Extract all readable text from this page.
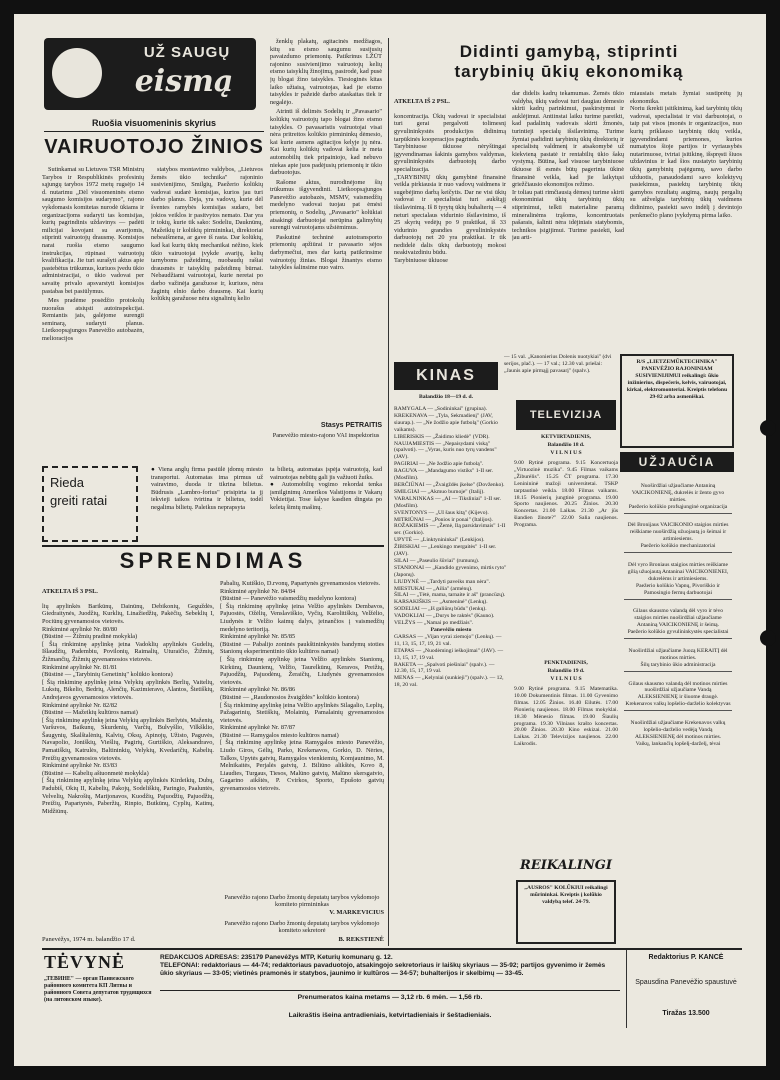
UŽ SAUGŲ
eismą
Ruošia visuomeninis skyrius
VAIRUOTOJO ŽINIOS

Sutinkamai su Lietuvos TSR Ministrų Tarybos ir Respublikinės profesinių sąjungų tarybos 1972 metų rugsėjo 14 d. nutarimu „Dėl visuomeninės eismo saugumo komisijos sudarymo", rajono vykdomasis komitetas nurodė ūkiams ir organizacijoms sudaryti tas komisijas, kurių pagrindinis uždavinys — padėti milicijai kovojant su avarijomis, stiprinti vairuotojų drausmę. Komisijos narai ruošia eismo saugumo instrukcijas, rūpinasi vairuotojų kvalifikacija. Jie turi surašyti aktus apie pastebėtus trūkumus, kuriuos įvedu ūkio administracijai, o ūkio vadovai per savaitę privalo apsvarstyti komisijos pastabas bei pasiūlymus.

Mes pradėme posėdžio protokolų nuorašus atsiųsti autoinspekcijai. Remiantis jais, galėjome surengti seminarą, sudaryti planus. Lietkoopsąjungos Panevėžio autobazėn, melioracijos

statybos montavimo valdybos, „Lietuvos žemės ūkio technika" rajoninio susivienijimo, Smilgių, Paežerio kolūkių vadovai sudarė komisijas, kurios jau turi darbo planus. Deja, yra vadovų, kurie dėl šventes ramybės komisijas sudaro, bet jokios veiklos ir pasitvytos nemato. Dar yra ir tokių, kurie tik sako: Sodeliu, Dauknūnų, Mažeikių ir kolūkių pirmininkai, direktoriai nebeaišmena, ar gave iš rasta. Dar kolūkių, kad kai kurių ūkių mechanikai nėžino, kiek ūkio vairuotojai įvykde avarijų, kelių tarnyboms pažeidimų, nuobaudų rašiai drausmės ir taisyklių pažeidimų būrnai. Nebaudžiami vairuotojai, kurie neretai po darbo važinėja garažuose ir, kuriuos, nėra žagintų elnio darbo drausmę. Kai kurių kolūkių garažuose nėra signalinių kelio

ženklų plakatų, agitacinės medžiagos, kitų su eismo saugumu susijusių pavaizdumo priemonių. Patikrinus LŽŪT rajonino susivienijimo vairuotojų kelių eismo taisyklių žinojimą, pasirodė, kad pusė jų blogai žino taisykles. Tiesioginės kitas laiko užtaisą, vairuotojas, kad jie eismo taisykles ir pažeidė darbo ataskaitas tiek ir negalėjo.

Atrinti iš delimės Sodelių ir „Pavasario" kolūkių vairuotojų tapo blogai žino eismo taisykles. O pavasaristis vairuotojai visai nėra pritreitos kolūkio pirmininkų dėmesio, kai kurie asmens agitacijos kelyje jų nėra. Kai kurių kolūkių vadovai kelia ir meta automobilių tiek pripainiojo, kad nebuvo niekas apie juos padėjusių priemonių ir ūkio darbuotojus.

Rašome aktus, nurodinėjome šių trūkumus išgyvendinti. Lietkoopsąjungos Panevėžio autobazės, MSMV, vaismedžių medelyno vadovai tuojau pat ėmėsi priemonių, o Sodelių, „Pavasario" kolūkiai atsakingi darbuotojai nerūpina galimybių surengti vairuotojams užsiėmimus.

Paskutinė techninė autotransporto priemonių apžiūrai ir pavasario sėjos darbymečiui, mes dar kartą patikrinsime vairuotojų žinias. Blogai žinantys eismo taisykles šalinsime nuo vairo.

Stasys PETRAITIS
Panevėžio miesto-rajono VAI inspektorius
Rieda greiti ratai
● Viena anglų firma pasiūlė įdomų miesto transportui. Automatas ima pirmus už vairavimo, duoda ir tikrina bilietus. Būdrusis „Lambro-forius" prisipirta ta jį iekvieji taikos tvirtina ir bilietus, todėl negalima bilietų. Paleikus neprapsyta
ta bilietą, automatas įspėja vairuotoją, kad vairuotojas nebūtų gali jis važiuoti žuiks.
● Automobilių vogimo rekordai tenka įsmilginimų Amerikos Valstijoms ir Vakarų Vokietijai. Tose šalyse kasdien dingsta po keletą šimtų mašinų.
SPRENDIMAS

ATKELTA IŠ 3 PSL.

lių apylinkės Barikūnų, Dainūnų, Debikonių, Geguždės, Giedraitynės, Juodžių, Kurklių, Linažiedžių, Pakėčių, Sebeklių I, Pociūnų gyvenamosios vietovės.
Rinkiminė apylinkė Nr. 80/80
(Būstinė — Žižmių pradinė mokykla)
[ Šią rinkiminę apylinkę įeina Vadoklių apylinkės Gudelių, Išlaudžių, Padembiu, Povilonių, Raimalių, Uturaičio, Žižmių, Žižmančių, Žižmių gyvenamosios vietovės.
Rinkiminė apylinkė Nr. 81/81
(Būstinė — „Tarybinių Genetinių" kolūkio kontora)
[ Šią rinkiminę apylinkę įeina Velykių apylinkės Berlių, Vaitelių, Lukstų, Bikelio, Bedrių, Alenčių, Kazimieravo, Alantos, Štetiškių, Andrejavos gyvenamosios vietovės.
Rinkiminė apylinkė Nr. 82/82
(Būstinė — Mažeikių kultūros namai)
[ Šią rinkiminę apylinkę įeina Velykių apylinkės Berlytės, Maženių, Varšuvos, Baikunų, Skurdenių, Varčių, Bulvyšlio, Vilkšklio, Šaugynių, Skalštalėnių, Kalvių, Oksų, Apinojų, Užisto, Paguvės, Navapolio, Joniškių, Viešlių, Pagirių, Gurtiškio, Aleksandravo, Pamatiškių, Katrulės, Baltininkių, Velykių, Kvedaričių, Kabelių. Preižių gyvenamosios vietovės.
Rinkiminė apylinkė Nr. 83/83
(Būstinė — Kabelių aštuonmetė mokykla)
[ Šią rinkiminę apylinkę įeina Velykių apylinkės Kirdeikių, Dubų, Padubiš, Okių II, Kabelių, Pakojų, Sodeliškių, Paringio, Paaluntės, Velvelių, Nakrošių, Marijonavos, Kuodžių, Pajuodžių, Pajuodžių, Preižių, Papartynės, Paberžių, Rinpio, Butkūnų, Cyplių, Katinų, Midžiūnų.

Pabalių, Kutiškio, D.rvonų, Papartynės gyvenamosios vietovės.
Rinkiminė apylinkė Nr. 84/84
(Būstinė — Panevėžio vaismedžių medelyno kontora)
[ Šią rinkiminę apylinkę įeina Velžio apylinkės Dembavos, Pajuostės, Ožėlių, Venslaviškio, Vyčių, Karolitiškių, Velžėlio, Liudynės ir Velžio kaimų dalys, įeinančios į vaismedžių medelyno teritoriją.
Rinkiminė apylinkė Nr. 85/85
(Būstinė — Pabalijo zoninės paukštininkystės bandymų stoties Stanionų eksperimentinio ūkio kultūros namai)
[ Šią rinkiminę apylinkę įeina Velžio apylinkės Stanionų, Kirkūnų, Daunienų, Velžio, Taurelkūnų, Keravos, Preižių, Pajuodžių, Pajuodėnų, Žeraičių, Liudynės gyvenamosios vietovės.
Rinkiminė apylinkė Nr. 86/86
(Būstinė — „Raudonosios žvaigždės" kolūkio kontora)
[ Šią rinkiminę apylinkę įeina Velžio apylinkės Silagalio, Leplių, Pažagarinių, Stetiškių, Molainių, Pamalainių gyvenamosios vietovės.
Rinkiminė apylinkė Nr. 87/87
(Būstinė — Ramygalos miesto kultūros namai)
[ Šią rinkiminę apylinkę įeina Ramygalos miesto Panevėžio, Liudo Giros, Gėlių, Parko, Krekenavos, Gorkio, D. Nėries, Talkos, Upytės gatvių, Ramygalos vienkiemių, Komjaunimo, M. Melnikaitės, Perjalės gatvių, J. Biliūno alikštės, Kovo 8, Liaudies, Turgaus, Tiesos, Malūno gatvių, Malūno skersgatvio, Gagarino aikštės, P. Cvirkos, Sporto, Epušoto gatvių gyvenamosios vietovės.
Panevėžio rajono Darbo žmonių deputatų tarybos vykdomojo komiteto pirmininkas
V. MARKEVICIUS
Panevėžio rajono Darbo žmonių deputatų tarybos vykdomojo komiteto sekretorė
Panevėžys, 1974 m. balandžio 17 d.	B. REKSTIENĖ
Didinti gamybą, stiprinti
tarybinių ūkių ekonomiką

ATKELTA IŠ 2 PSL.

koncentracija. Ūkių vadovai ir specialistai turi gerai pergalvoti tolimesnį gyvulininkystės produkcijos didinimą tarpūkinės kooperacijos pagrindu.
Tarybiniuose ūkiuose nėryštingai įgyvendinamas šakinis gamybos valdymas, gyvulininkystės darbuotojų darbo specializacija.
„TARYBINIŲ ūkių gamybinė finansinė veikla pirkiausia ir nuo vadovų vaidmens ir sugebėjimo darbą keičytis. Dar ne visi ūkių vadovai ir specialistai turi aukštąjį išsilavinimą. Iš 8 tyrytų ūkių buhalterių — 4 neturi specialaus vidurinio išsilavinimo, iš 25 skyrių vedėjų po 9 praktikai, iš 33 vidurinio grandies gyvulininkystės darbuotojų net 20 yra praktikai. Ir tik nedidelė dalis ūkių darbuotojų mokosi neakivaizdiniu būdu.
Tarybiniuose ūkiuose

dar didelis kadrų tekamumas. Žemės ūkio valdyba, ūkių vadovai turi daugiau dėmesio skirti kadrų parinkimui, paskirstymui ir auklėjimui. Antiinstai laiku turime pareikti, kad padalinių vadovais skirti žmonės, turintieji specialų išsilavinimą. Turime žymiai padidinti tarybinių ūkių direktorių ir specialistų valdmenį ir atsakomybė už kiekvieną pastatė ir rentabilių ūkio šakų vystymą. Būtina, kad visuose tarybiniuose ūkiuose iš esmės būtų pagerinta ūkinė finansinė veikla, kad jie laikytųsi griežčiausio ekonomijos režimo.
Ir toliau pati rimčiausią dėmesį turime skirti ekonominiai ūkių tarybinių ūkių stiprinimui, telkti materialine paramą mineralinėms trąšoms, koncentruotais pašarais, šalinti nėra idėjiniais statybomis, technikos įsigijimui. Turime pasiekti, kad jau arti-
miausiais metais žymiai sustiprėtų jų ekonomika.
Noriu ikrekti įsitikinimą, kad tarybinių ūkių vadovai, specialistai ir visi darbuotojai, o taip pat visos įmonės ir organizacijos, nuo kurių priklauso tarybinių ūkių veikla, įgyvendindami priemones, kurios numatytos šioje partijos ir vyriausybės nutarimuose, tvirtai įsitikinę, išspręsti šiuos uždavinius ir kad šios nustatyto tarybinių ūkių gamybinių pajėgumų, savo darbo užduotis, panaudodami savo kolektyvų pasiekimus, pasiektų tarybinių ūkių gamybos rezultatų augimą, naujų pergalių su atžvelgia tarybinių ūkių vaidmens didinimo, pasiekti savo indėlį į devintojo penkmečio plano įvykdymą pirma laiko.
KINAS
Balandžio 18—19 d. d.
— 15 val. „Kanonierius Dolenis nuotykiai" (dvi serijos, plač.). — 17 val.; 12.30 val. priešai: „Jaunis apie pirmąjį pavasarį" (spalv.).
RAMYGALA — „Sodininkai" (grupina).
KREKENAVA — „Tyla, Sekmadienį" (JAV, siaurap.). — „Ne žodžio apie futbolą" (Gorkio vaikams).
LIBERISKIS — „Žaidimo kliedė" (VDR).
NAUJAMIESTIS — „Nepaisydami viską" (spalvoti). — „Vyras, kuris nuo tyrų vandens" (JAV).
PAGIRIAI — „Ne žodžio apie futbolą".
RAGUVA — „Mandagumo vistiks" 1-II ser. (Mosfilm).
BERČIŪNAI — „Žvaigždės įkelse" (Dovženko).
SMILGIAI — „Akmuo burnoje" (Italij).
VABALNINKAS — „AI — Tiksliniai" 1-II ser. (Mosfilm).
SVENTONYS — „UI šaus kitą" (Kijevo).
MITRIŪNAI — „Ponios ir ponai" (Italijos).
ROŽAKIEMIS — „Žemė, Ilą parsidavimais" 1-II ser. (Gorkio).
UPYTĖ — „Linktynininkai" (Lenkijos).
ŽIBISKIAI — „Lenkingo mergaitės" 1-II ser. (JAV).
SILAI — „Paseulio šūviai" (rumunų).
STANIONAI — „Kandido gyvenimo, mirtis ryto" (Japonų).
LIUDYNĖ — „Tardyti paveiks man nėra".
MIESTUKAI — „Ailia" (armėnų).
ŠILAI — „Tėtė, mama, tarnaite ir aš" (prancūzų).
KARSAKIŠKIS — „Asmeninė" (Lenkų).
SODELIAI — „Iš galiūnų būdu" (lenkų).
VADOKLIAI — „Durys be raktės" (Kauno).
VELŽYS — „Namai po medžiais".
Panevėžio miesto
GARSAS — „Vijan vyrai ziemojo" (Lenkų). — 11, 13, 15, 17, 19, 21 val.
ETAPAS — „Nuodėmingi ieškojimai" (JAV). — 13, 15, 17, 19 val.
RAKETA — „Spalvoti piešiniai" (spalv.). — 12.30, 15, 17, 19 val.
MENAS — „Kelyniai (sunkieji") (spalv.). — 12, 18, 20 val.
TELEVIZIJA
KETVIRTADIENIS,
Balandžio 18 d.
V I L N I U S
9.00 Rytinė programa. 9.15 Koncertuoja „Virtuozinė muzika". 9.45 Filmas vaikams „Žiburėlis". 15.25 ČT programa. 17.30 Leninininė mažoji universitetai. TSKP tarptautinė veikla. 18.00 Filmas vaikams. 18.15 Pionierių jungtinė programa. 19.00 Sporto naujienos. 20.25 Žinios. 20.30 Koncertas. 21.00 Laikas. 21.30 „Ar jūs šiandien žinote?" 22.00 Salia naujienos. Programa.
PENKTADIENIS,
Balandžio 19 d.
V I L N I U S
9.00 Rytinė programa. 9.15 Matematika. 10.00 Dokumentinis filmas. 11.00 Gyvenimo filmas. 12.05 Žinios. 16.40 Eilutės. 17.00 Pionierių naujienos. 18.00 Filmas mokyklai. 18.30 Mėnesio filmas. 19.00 Šiaulių programa. 19.30 Vilniaus krašto koncertas. 20.00 Žinios. 20.30 Kino eskizai. 21.00 Laikas. 21.30 Televizijos naujienos. 22.00 Laikrodis.
REIKALINGI
„AUSROS" KOLŪKIUI reikalingi mūrininkai. Kreiptis į kolūkio valdybą telef. 24-79.
R/S „LIETZEMŪKTECHNIKA" PANEVĖŽIO RAJONINIAM SUSIVIENIJIMUI reikalingi: ūkio inžinierius, dispečeris, kelvis, vairuotojai, kirkai, elektromonteriai. Kreiptis telefonu 29-82 arba asmeniškai.
UŽJAUČIA

Nuoširdžiai užjaučiame Antaniną VAICIKONIENĘ, dukrelės ir žento gyvo mirties.
Paežerio kolūkio profsąjunginė organizacija

Dėl Bronijaus VAICIKONIO staigios mirties reiškiame nuoširdžią užuojautą jo šeimai ir artimiesiems.
Paežerio kolūkio mechanizatoriai

Dėl vyro Broniaus staigios mirties reiškiame gilią užuojautą Antaninai VAICIKONIENEI, dukrelėms ir artimiesiems.
Paežerio kolūkio Vapnų, Pivoriškio ir Pamosingio fermų darbuotojai

Gilaus skausmo valandą dėl vyro ir tėvo staigios mirties nuoširdžiai užjaučiame Antaniną VAICIKONIENĘ ir šeimą.
Paežerio kolūkio gyvulininkystės specialistai

Nuoširdžiai užjaučiame Juozą KERAITĮ dėl motinos mirties.
Šilų tarybinio ūkio administracija

Gilaus skausmo valandą dėl motinos mirties nuoširdžiai užjaučiame Vandą ALEKSIENIENĘ ir šiuome draugė.
Krekenavos valkų lopšelio-darželio kolektyvas

Nuoširdžiai užjaučiame Krekenavos valkų lopšelio-darželio vedėją Vandą ALEKSIENIENĘ dėl motinos mirties.
Vaikų, lankančių lopšelį-darželį, tėvai

TĖVYNĖ
„ТЕВИНЕ" — орган Панвежского районного комитета КП Литвы и районного Совета депутатов трудящихся (на литовском языке).
REDAKCIJOS ADRESAS: 235179 Panevėžys MTP, Keturių komunarų g. 12.
TELEFONAI: redaktoriaus — 44-74; redaktoriaus pavaduotojo, atsakingojo sekretoriaus ir laiškų skyriaus — 35-92; partijos gyvenimo ir žemės ūkio skyriaus — 33-05; vietinės pramonės ir statybos, jaunimo ir kultūros — 34-57; buhalterijos ir skelbimų — 33-45.
Prenumeratos kaina metams — 3,12 rb. 6 mėn. — 1,56 rb.
Laikraštis išeina antradieniais, ketvirtadieniais ir šeštadieniais.
Redaktorius P. KANCĖ
Spausdina Panevėžio spaustuvė
Tiražas 13.500
